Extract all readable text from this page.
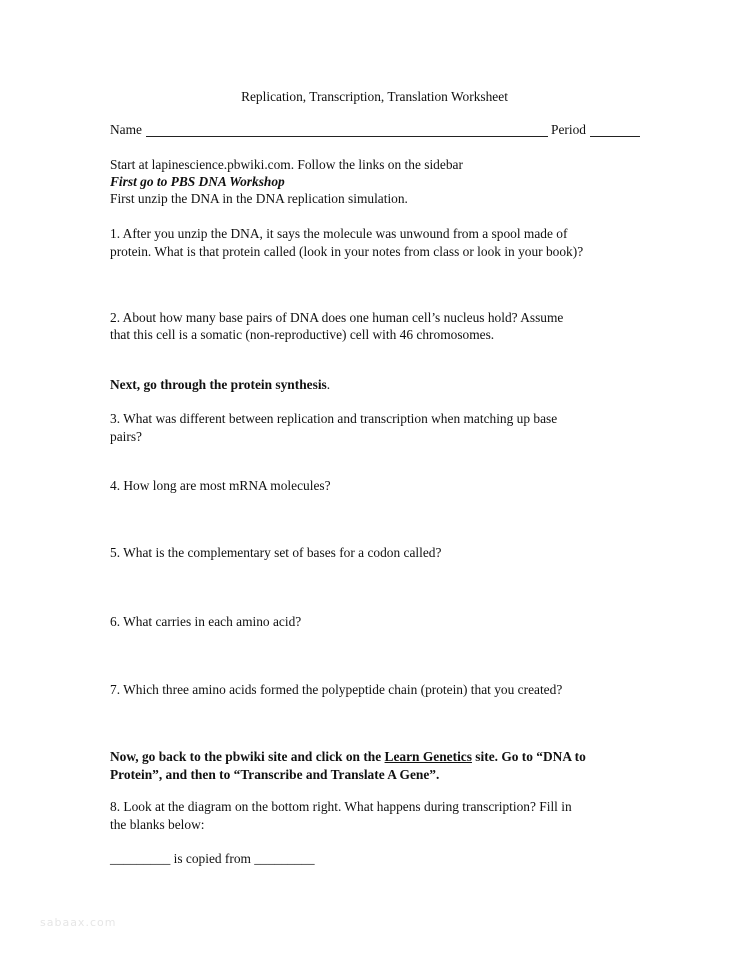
Replication, Transcription, Translation Worksheet
Name	Period
Start at lapinescience.pbwiki.com. Follow the links on the sidebar
First go to PBS DNA Workshop
First unzip the DNA in the DNA replication simulation.
1. After you unzip the DNA, it says the molecule was unwound from a spool made of
protein. What is that protein called (look in your notes from class or look in your book)?
2. About how many base pairs of DNA does one human cell’s nucleus hold? Assume
that this cell is a somatic (non-reproductive) cell with 46 chromosomes.
Next, go through the protein synthesis.
3. What was different between replication and transcription when matching up base
pairs?
4. How long are most mRNA molecules?
5. What is the complementary set of bases for a codon called?
6. What carries in each amino acid?
7. Which three amino acids formed the polypeptide chain (protein) that you created?
Now, go back to the pbwiki site and click on the Learn Genetics site. Go to “DNA to
Protein”, and then to “Transcribe and Translate A Gene”.
8. Look at the diagram on the bottom right. What happens during transcription? Fill in
the blanks below:
_________ is copied from _________
sabaax.com
